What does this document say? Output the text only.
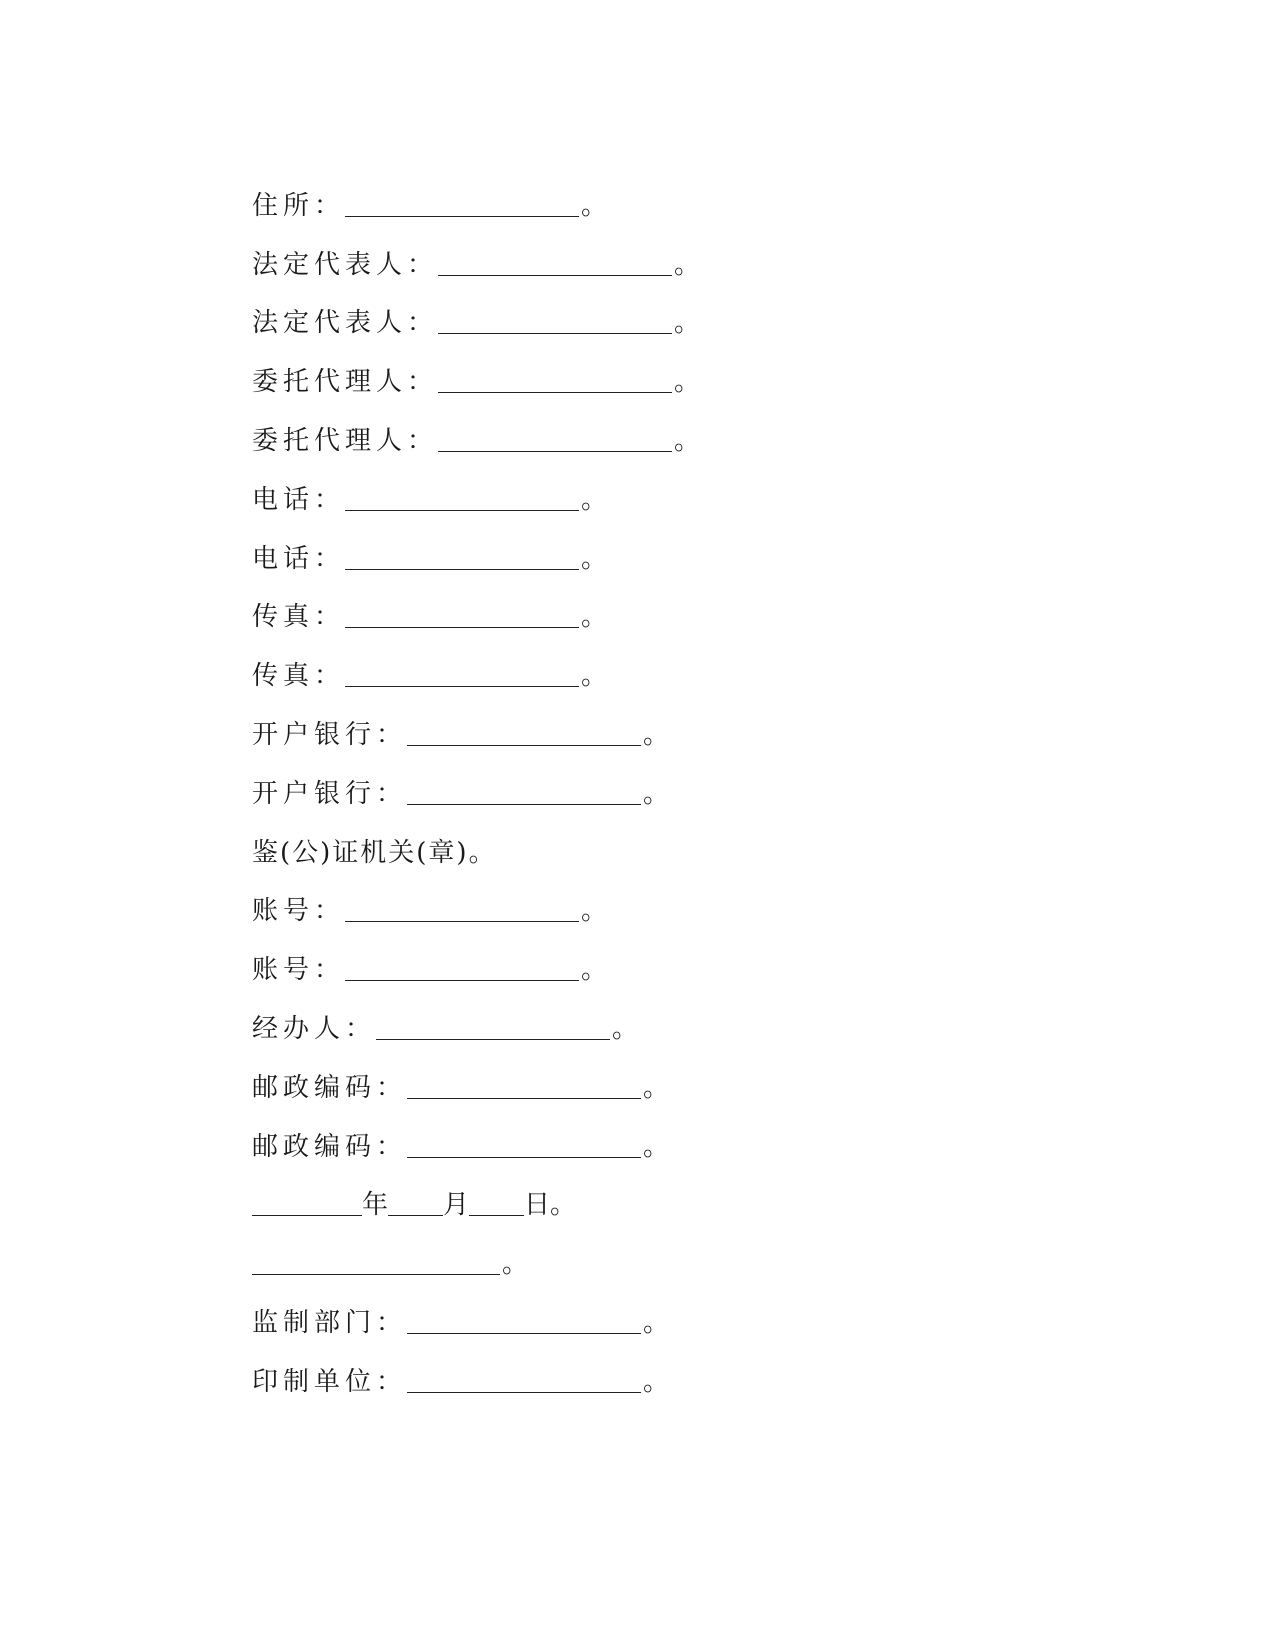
住所：	。
法定代表人：	。
法定代表人：	。
委托代理人：	。
委托代理人：	。
电话：	。
电话：	。
传真：	。
传真：	。
开户银行：	。
开户银行：	。
鉴(公)证机关(章)。
账号：	。
账号：	。
经办人：	。
邮政编码：	。
邮政编码：	。
年 月 日。
。
监制部门：	。
印制单位：	。
